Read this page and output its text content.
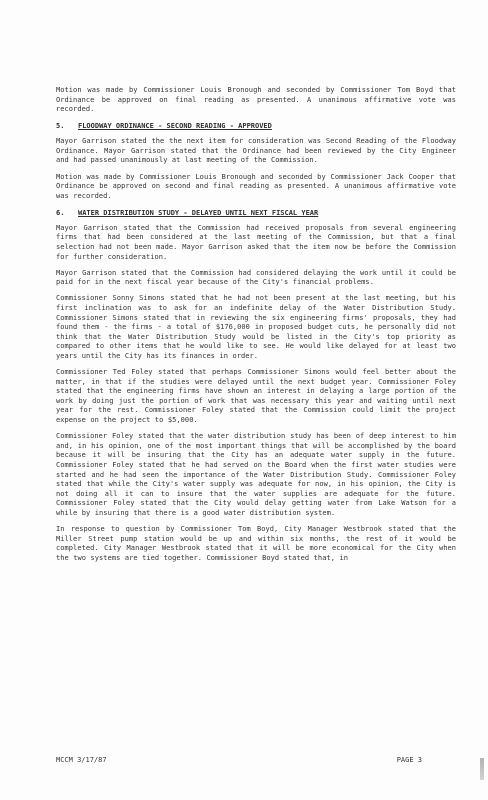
Motion was made by Commissioner Louis Bronough and seconded by Commissioner Tom Boyd that Ordinance be approved on final reading as presented. A unanimous affirmative vote was recorded.

5. FLOODWAY ORDINANCE - SECOND READING - APPROVED

Mayor Garrison stated the the next item for consideration was Second Reading of the Floodway Ordinance. Mayor Garrison stated that the Ordinance had been reviewed by the City Engineer and had passed unanimously at last meeting of the Commission.

Motion was made by Commissioner Louis Bronough and seconded by Commissioner Jack Cooper that Ordinance be approved on second and final reading as presented. A unanimous affirmative vote was recorded.

6. WATER DISTRIBUTION STUDY - DELAYED UNTIL NEXT FISCAL YEAR

Mayor Garrison stated that the Commission had received proposals from several engineering firms that had been considered at the last meeting of the Commission, but that a final selection had not been made. Mayor Garrison asked that the item now be before the Commission for further consideration.

Mayor Garrison stated that the Commission had considered delaying the work until it could be paid for in the next fiscal year because of the City's financial problems.

Commissioner Sonny Simons stated that he had not been present at the last meeting, but his first inclination was to ask for an indefinite delay of the Water Distribution Study. Commissioner Simons stated that in reviewing the six engineering firms' proposals, they had found them - the firms - a total of $176,000 in proposed budget cuts, he personally did not think that the Water Distribution Study would be listed in the City's top priority as compared to other items that he would like to see. He would like delayed for at least two years until the City has its finances in order.

Commissioner Ted Foley stated that perhaps Commissioner Simons would feel better about the matter, in that if the studies were delayed until the next budget year. Commissioner Foley stated that the engineering firms have shown an interest in delaying a large portion of the work by doing just the portion of work that was necessary this year and waiting until next year for the rest. Commissioner Foley stated that the Commission could limit the project expense on the project to $5,000.

Commissioner Foley stated that the water distribution study has been of deep interest to him and, in his opinion, one of the most important things that will be accomplished by the board because it will be insuring that the City has an adequate water supply in the future. Commissioner Foley stated that he had served on the Board when the first water studies were started and he had seen the importance of the Water Distribution Study. Commissioner Foley stated that while the City's water supply was adequate for now, in his opinion, the City is not doing all it can to insure that the water supplies are adequate for the future. Commissioner Foley stated that the City would delay getting water from Lake Watson for a while by insuring that there is a good water distribution system.

In response to question by Commissioner Tom Boyd, City Manager Westbrook stated that the Miller Street pump station would be up and within six months, the rest of it would be completed. City Manager Westbrook stated that it will be more economical for the City when the two systems are tied together. Commissioner Boyd stated that, in

MCCM 3/17/87	PAGE 3
